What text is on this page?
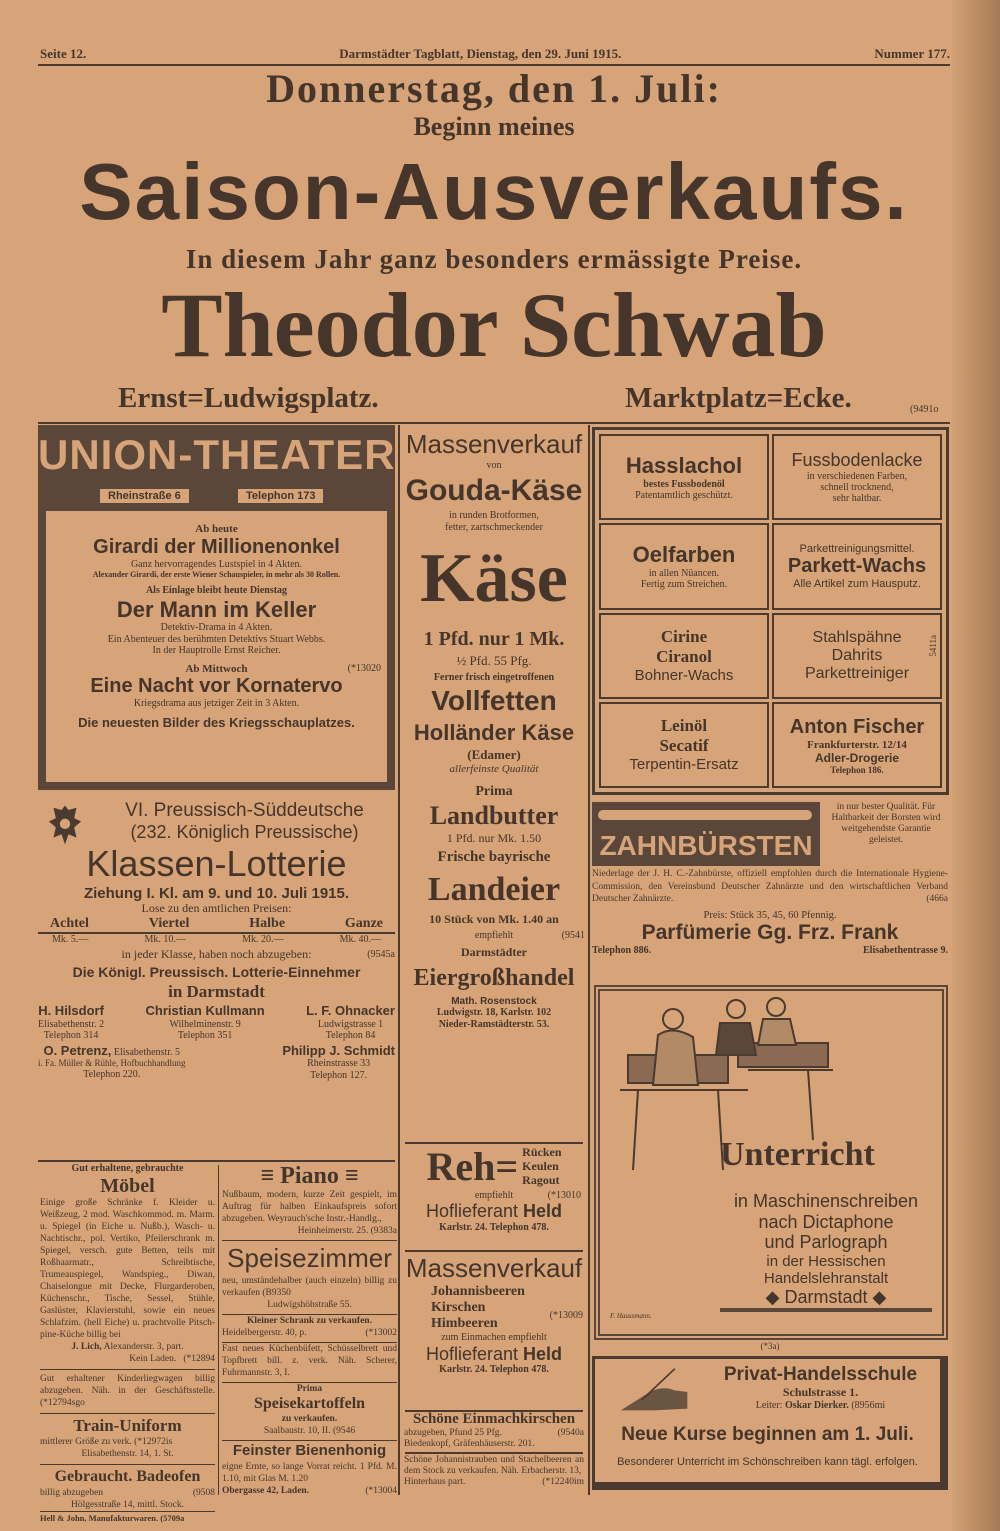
Seite 12.	Darmstädter Tagblatt, Dienstag, den 29. Juni 1915.	Nummer 177.
Donnerstag, den 1. Juli:
Beginn meines
Saison-Ausverkaufs.
In diesem Jahr ganz besonders ermässigte Preise.
Theodor Schwab
Ernst=Ludwigsplatz.	Marktplatz=Ecke.	(9491o
UNION-THEATER
Rheinstraße 6	Telephon 173
Ab heute
Girardi der Millionenonkel
Ganz hervorragendes Lustspiel in 4 Akten.
Alexander Girardi, der erste Wiener Schauspieler, in mehr als 30 Rollen.
Als Einlage bleibt heute Dienstag
Der Mann im Keller
Detektiv-Drama in 4 Akten.
Ein Abenteuer des berühmten Detektivs Stuart Webbs.
In der Hauptrolle Ernst Reicher.
Ab Mittwoch	(*13020
Eine Nacht vor Kornatervo
Kriegsdrama aus jetziger Zeit in 3 Akten.
Die neuesten Bilder des Kriegsschauplatzes.
VI. Preussisch-Süddeutsche
(232. Königlich Preussische)
Klassen-Lotterie
Ziehung I. Kl. am 9. und 10. Juli 1915.
Lose zu den amtlichen Preisen:
Achtel	Viertel	Halbe	Ganze
Mk. 5.—	Mk. 10.—	Mk. 20.—	Mk. 40.—
in jeder Klasse, haben noch abzugeben:	(9545a
Die Königl. Preussisch. Lotterie-Einnehmer
in Darmstadt
H. Hilsdorf
Elisabethenstr. 2
Telephon 314
Christian Kullmann
Wilhelminenstr. 9
Telephon 351
L. F. Ohnacker
Ludwigstrasse 1
Telephon 84
O. Petrenz, Elisabethenstr. 5
i. Fa. Müller & Rühle, Hofbuchhandlung
Telephon 220.
Philipp J. Schmidt
Rheinstrasse 33
Telephon 127.
Gut erhaltene, gebrauchte
Möbel
Einige große Schränke f. Kleider u. Weißzeug, 2 mod. Waschkommod. m. Marm. u. Spiegel (in Eiche u. Nußb.), Wasch- u. Nachtischr., pol. Vertiko, Pfeilerschrank m. Spiegel, versch. gute Betten, teils mit Roßhaarmatr., Schreibtische, Trumeauspiegel, Wandspieg., Diwan, Chaiselongue mit Decke, Flurgarderoben, Küchenschr., Tische, Sessel, Stühle, Gaslüster, Klavierstuhl, sowie ein neues Schlafzim. (hell Eiche) u. prachtvolle Pitsch-pine-Küche billig bei
J. Lich, Alexanderstr. 3, part.
Kein Laden. (*12894
Gut erhaltener Kinderliegwagen billig abzugeben. Näh. in der Geschäftsstelle. (*12794sgo
Train-Uniform
mittlerer Größe zu verk. (*12972is
Elisabethenstr. 14, 1. St.
Gebraucht. Badeofen
billig abzugeben	(9508
Hölgesstraße 14, mittl. Stock.
Hell & John, Manufakturwaren. (5709a
≡ Piano ≡
Nußbaum, modern, kurze Zeit gespielt, im Auftrag für halben Einkaufspreis sofort abzugeben. Weyrauch'sche Instr.-Handlg.,
Heinheimerstr. 25. (9383a
Speisezimmer
neu, umständehalber (auch einzeln) billig zu verkaufen (B9350
Ludwigshöhstraße 55.
Kleiner Schrank zu verkaufen.
Heidelbergerstr. 40, p.	(*13002
Fast neues Küchenbüfett, Schüsselbrett und Topfbrett bill. z. verk. Näh. Scherer, Fuhrmannstr. 3, I.
Prima
Speisekartoffeln
zu verkaufen.
Saalbaustr. 10, II. (9546
Feinster Bienenhonig
eigne Ernte, so lange Vorrat reicht. 1 Pfd. M. 1.10, mit Glas M. 1.20
Obergasse 42, Laden.	(*13004
Massenverkauf
von
Gouda-Käse
in runden Brotformen,
fetter, zartschmeckender
Käse
1 Pfd. nur 1 Mk.
½ Pfd. 55 Pfg.
Ferner frisch eingetroffenen
Vollfetten
Holländer Käse
(Edamer)
allerfeinste Qualität
Prima
Landbutter
1 Pfd. nur Mk. 1.50
Frische bayrische
Landeier
10 Stück von Mk. 1.40 an
empfiehlt	(9541
Darmstädter
Eiergroßhandel
Math. Rosenstock
Ludwigstr. 18, Karlstr. 102
Nieder-Ramstädterstr. 53.
Reh= Rücken
Keulen
Ragout
empfiehlt	(*13010
Hoflieferant Held
Karlstr. 24. Telephon 478.
Massenverkauf
Johannisbeeren
Kirschen
Himbeeren
(*13009
zum Einmachen empfiehlt
Hoflieferant Held
Karlstr. 24. Telephon 478.
Schöne Einmachkirschen
abzugeben, Pfund 25 Pfg.	(9540a
Biedenkopf, Gräfenhäuserstr. 201.
Schöne Johannistrauben und Stachelbeeren an dem Stock zu verkaufen. Näh. Erbacherstr. 13,
Hinterhaus part.	(*12240im
Hasslachol
bestes Fussbodenöl
Patentamtlich geschützt.
Fussbodenlacke
in verschiedenen Farben,
schnell trocknend,
sehr haltbar.
Oelfarben
in allen Nüancen.
Fertig zum Streichen.
Parkettreinigungsmittel.
Parkett-Wachs
Alle Artikel zum Hausputz.
Cirine
Ciranol
Bohner-Wachs
Stahlspähne
Dahrits
Parkettreiniger
5411a
Leinöl
Secatif
Terpentin-Ersatz
Anton Fischer
Frankfurterstr. 12/14
Adler-Drogerie
Telephon 186.
ZAHNBÜRSTEN
in nur bester Qualität. Für Haltbarkeit der Borsten wird weitgehendste Garantie geleistet.
Niederlage der J. H. C.-Zahnbürste, offiziell empfohlen durch die Internationale Hygiene-Commission, den Vereinsbund Deutscher Zahnärzte und den wirtschaftlichen Verband Deutscher Zahnärzte.	(466a
Preis: Stück 35, 45, 60 Pfennig.
Parfümerie Gg. Frz. Frank
Telephon 886.	Elisabethentrasse 9.
Unterricht
in Maschinenschreiben
nach Dictaphone
und Parlograph
in der Hessischen
Handelslehranstalt
◆ Darmstadt ◆
F. Haussmann.
(*3a)
Privat-Handelsschule
Schulstrasse 1.
Leiter: Oskar Dierker. (8956mi
Neue Kurse beginnen am 1. Juli.
Besonderer Unterricht im Schönschreiben kann tägl. erfolgen.
